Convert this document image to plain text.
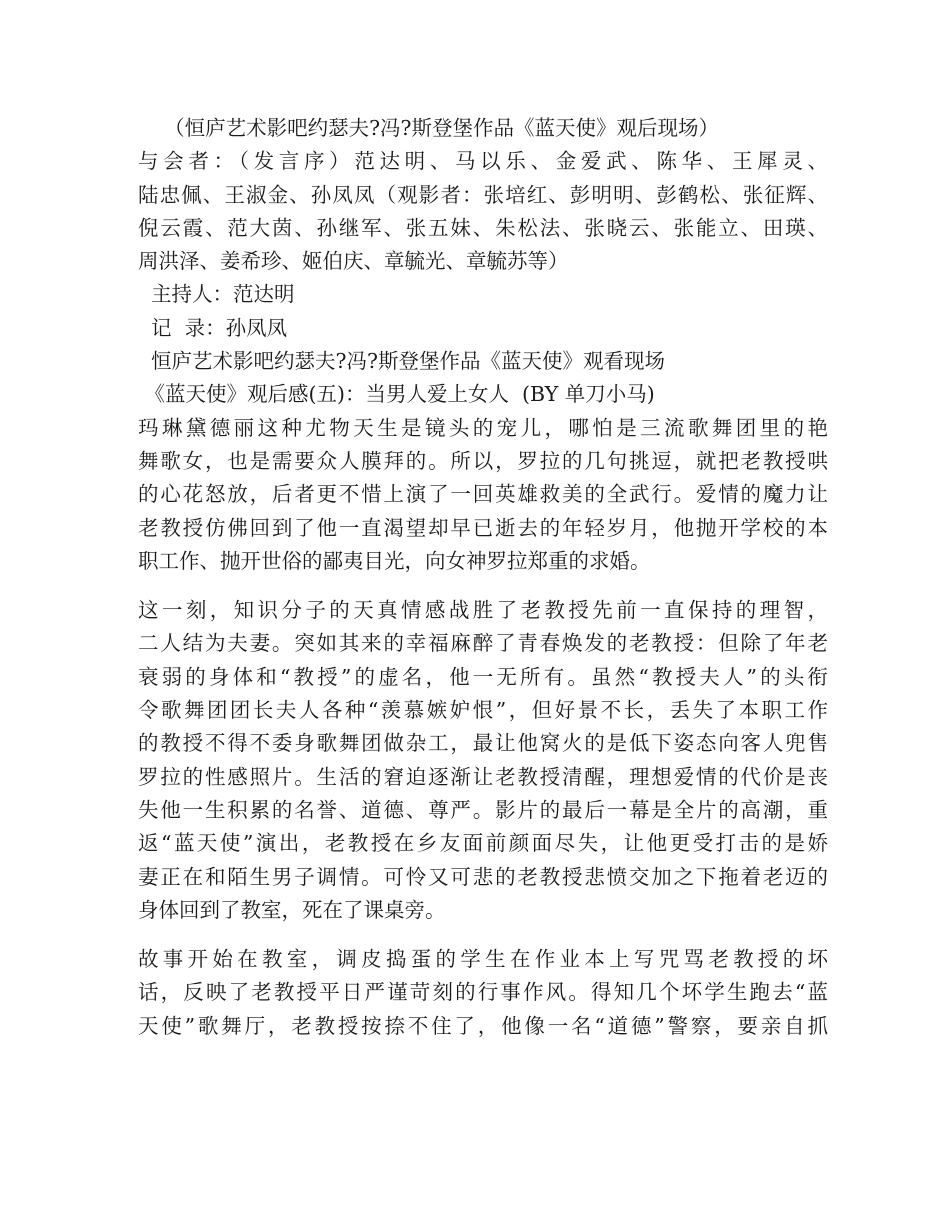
（恒庐艺术影吧约瑟夫?冯?斯登堡作品《蓝天使》观后现场）
与会者：（发言序）范达明、马以乐、金爱武、陈华、王犀灵、
陆忠佩、王淑金、孙凤凤（观影者：张培红、彭明明、彭鹤松、张征辉、
倪云霞、范大茵、孙继军、张五妹、朱松法、张晓云、张能立、田瑛、
周洪泽、姜希珍、姬伯庆、章毓光、章毓苏等）
主持人：范达明
记  录：孙凤凤
恒庐艺术影吧约瑟夫?冯?斯登堡作品《蓝天使》观看现场
《蓝天使》观后感(五)：当男人爱上女人  (BY 单刀小马)
玛琳黛德丽这种尤物天生是镜头的宠儿，哪怕是三流歌舞团里的艳
舞歌女，也是需要众人膜拜的。所以，罗拉的几句挑逗，就把老教授哄
的心花怒放，后者更不惜上演了一回英雄救美的全武行。爱情的魔力让
老教授仿佛回到了他一直渴望却早已逝去的年轻岁月，他抛开学校的本
职工作、抛开世俗的鄙夷目光，向女神罗拉郑重的求婚。
这一刻，知识分子的天真情感战胜了老教授先前一直保持的理智，
二人结为夫妻。突如其来的幸福麻醉了青春焕发的老教授：但除了年老
衰弱的身体和“教授”的虚名，他一无所有。虽然“教授夫人”的头衔
令歌舞团团长夫人各种“羡慕嫉妒恨”，但好景不长，丢失了本职工作
的教授不得不委身歌舞团做杂工，最让他窝火的是低下姿态向客人兜售
罗拉的性感照片。生活的窘迫逐渐让老教授清醒，理想爱情的代价是丧
失他一生积累的名誉、道德、尊严。影片的最后一幕是全片的高潮，重
返“蓝天使”演出，老教授在乡友面前颜面尽失，让他更受打击的是娇
妻正在和陌生男子调情。可怜又可悲的老教授悲愤交加之下拖着老迈的
身体回到了教室，死在了课桌旁。
故事开始在教室，调皮捣蛋的学生在作业本上写咒骂老教授的坏
话，反映了老教授平日严谨苛刻的行事作风。得知几个坏学生跑去“蓝
天使”歌舞厅，老教授按捺不住了，他像一名“道德”警察，要亲自抓
